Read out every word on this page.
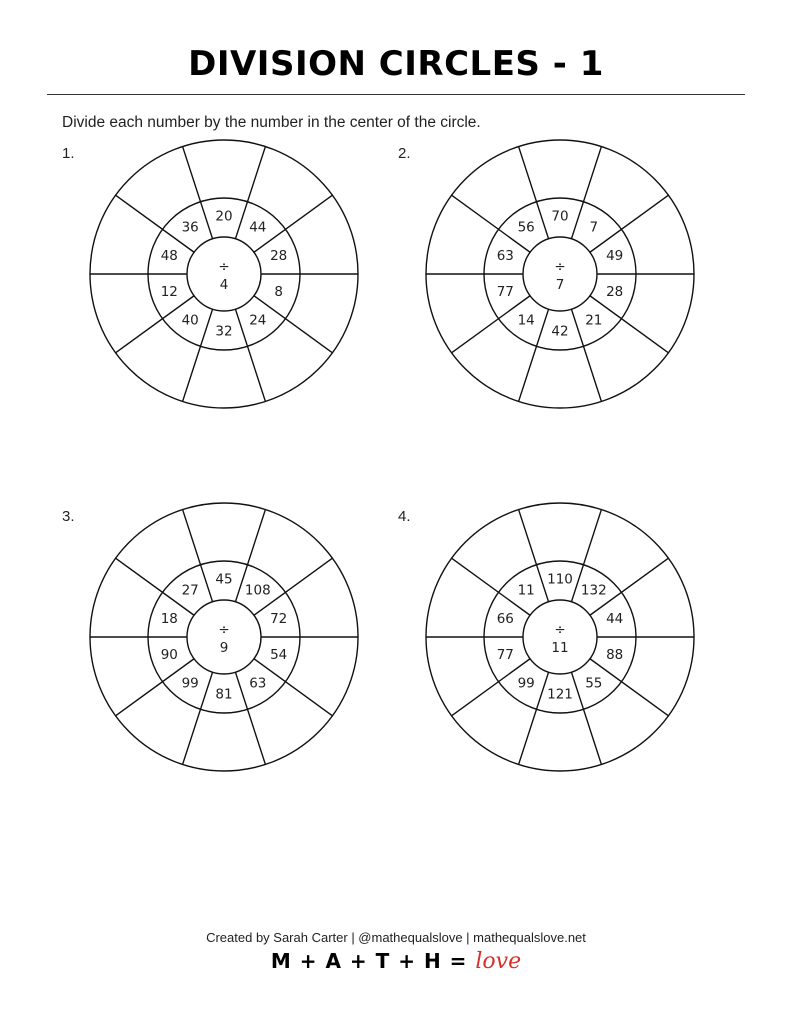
DIVISION CIRCLES - 1
Divide each number by the number in the center of the circle.
1.
20
44
28
8
24
32
40
12
48
36
÷
4
2.
70
7
49
28
21
42
14
77
63
56
÷
7
3.
45
108
72
54
63
81
99
90
18
27
÷
9
4.
110
132
44
88
55
121
99
77
66
11
÷
11
Created by Sarah Carter | @mathequalslove | mathequalslove.net
M + A + T + H = love
